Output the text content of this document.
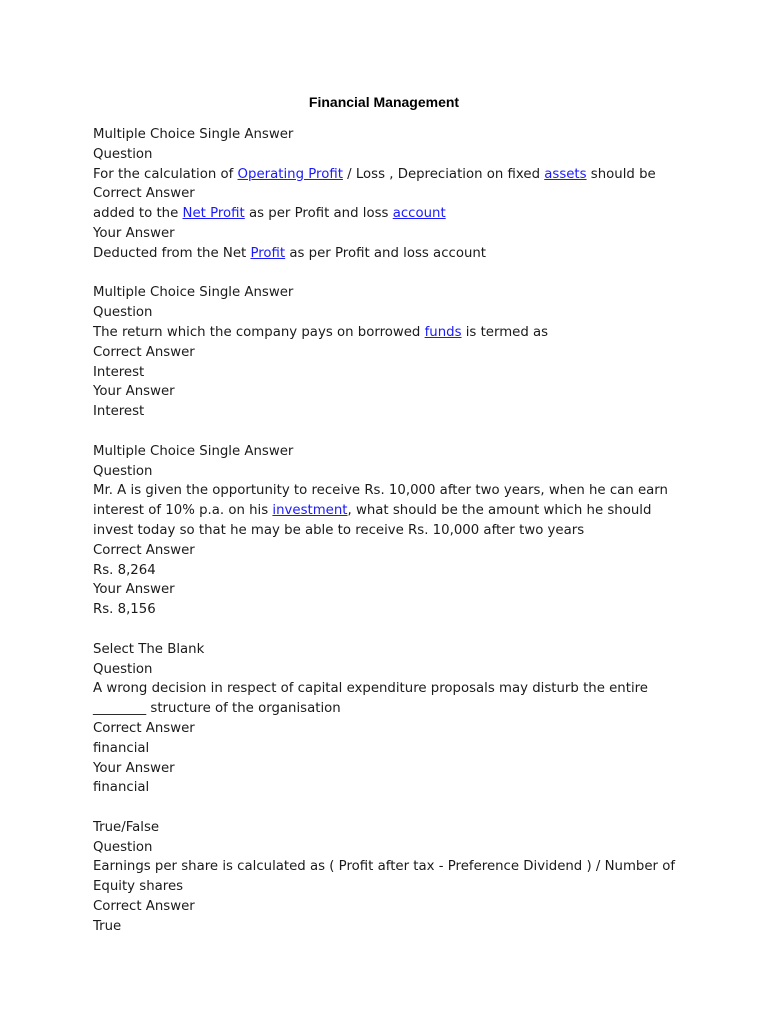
Financial Management
Multiple Choice Single Answer
Question
For the calculation of Operating Profit / Loss , Depreciation on fixed assets should be
Correct Answer
added to the Net Profit as per Profit and loss account
Your Answer
Deducted from the Net Profit as per Profit and loss account
Multiple Choice Single Answer
Question
The return which the company pays on borrowed funds is termed as
Correct Answer
Interest
Your Answer
Interest
Multiple Choice Single Answer
Question
Mr. A is given the opportunity to receive Rs. 10,000 after two years, when he can earn interest of 10% p.a. on his investment, what should be the amount which he should invest today so that he may be able to receive Rs. 10,000 after two years
Correct Answer
Rs. 8,264
Your Answer
Rs. 8,156
Select The Blank
Question
A wrong decision in respect of capital expenditure proposals may disturb the entire ________ structure of the organisation
Correct Answer
financial
Your Answer
financial
True/False
Question
Earnings per share is calculated as ( Profit after tax - Preference Dividend ) / Number of Equity shares
Correct Answer
True
